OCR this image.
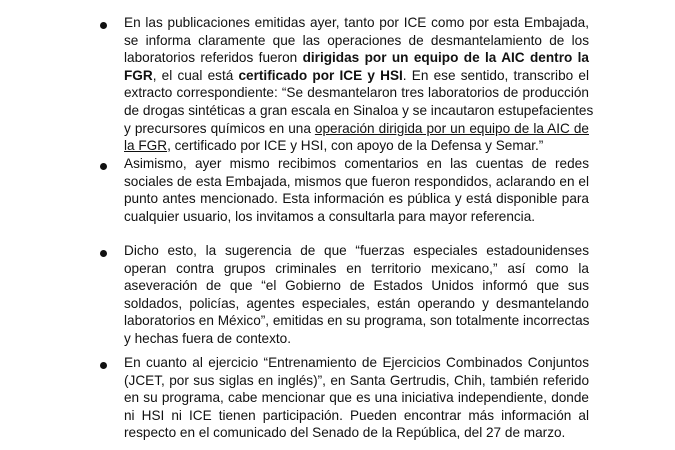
En las publicaciones emitidas ayer, tanto por ICE como por esta Embajada,
se informa claramente que las operaciones de desmantelamiento de los
laboratorios referidos fueron dirigidas por un equipo de la AIC dentro la
FGR, el cual está certificado por ICE y HSI. En ese sentido, transcribo el
extracto correspondiente: “Se desmantelaron tres laboratorios de producción
de drogas sintéticas a gran escala en Sinaloa y se incautaron estupefacientes
y precursores químicos en una operación dirigida por un equipo de la AIC de
la FGR, certificado por ICE y HSI, con apoyo de la Defensa y Semar.”

Asimismo, ayer mismo recibimos comentarios en las cuentas de redes
sociales de esta Embajada, mismos que fueron respondidos, aclarando en el
punto antes mencionado. Esta información es pública y está disponible para
cualquier usuario, los invitamos a consultarla para mayor referencia.

Dicho esto, la sugerencia de que “fuerzas especiales estadounidenses
operan contra grupos criminales en territorio mexicano,” así como la
aseveración de que “el Gobierno de Estados Unidos informó que sus
soldados, policías, agentes especiales, están operando y desmantelando
laboratorios en México”, emitidas en su programa, son totalmente incorrectas
y hechas fuera de contexto.

En cuanto al ejercicio “Entrenamiento de Ejercicios Combinados Conjuntos
(JCET, por sus siglas en inglés)”, en Santa Gertrudis, Chih, también referido
en su programa, cabe mencionar que es una iniciativa independiente, donde
ni HSI ni ICE tienen participación. Pueden encontrar más información al
respecto en el comunicado del Senado de la República, del 27 de marzo.
